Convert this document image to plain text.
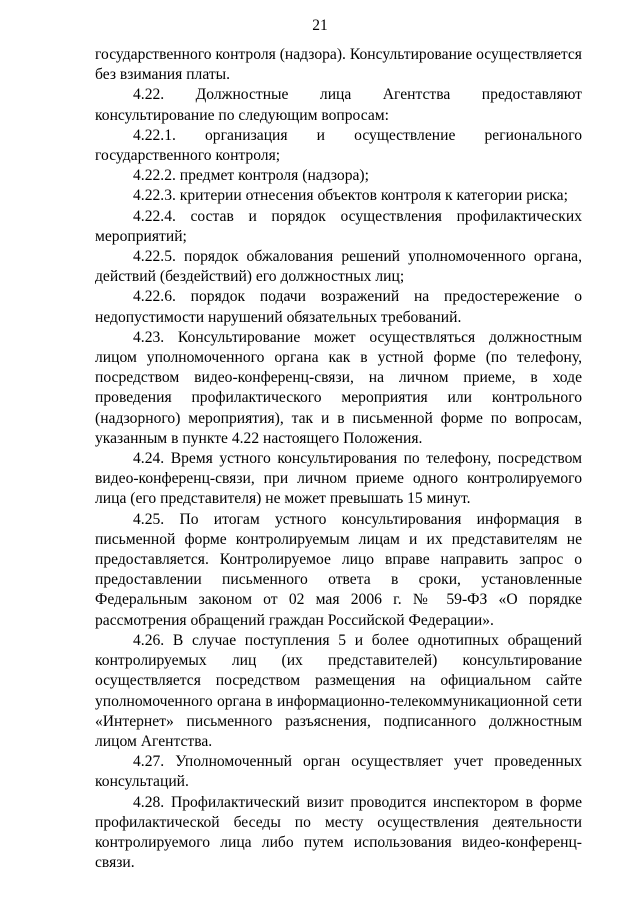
21

государственного контроля (надзора). Консультирование осуществляется без взимания платы.

4.22. Должностные лица Агентства предоставляют консультирование по следующим вопросам:

4.22.1. организация и осуществление регионального государственного контроля;

4.22.2. предмет контроля (надзора);

4.22.3. критерии отнесения объектов контроля к категории риска;

4.22.4. состав и порядок осуществления профилактических мероприятий;

4.22.5. порядок обжалования решений уполномоченного органа, действий (бездействий) его должностных лиц;

4.22.6. порядок подачи возражений на предостережение о недопустимости нарушений обязательных требований.

4.23. Консультирование может осуществляться должностным лицом уполномоченного органа как в устной форме (по телефону, посредством видео-конференц-связи, на личном приеме, в ходе проведения профилактического мероприятия или контрольного (надзорного) мероприятия), так и в письменной форме по вопросам, указанным в пункте 4.22 настоящего Положения.

4.24. Время устного консультирования по телефону, посредством видео-конференц-связи, при личном приеме одного контролируемого лица (его представителя) не может превышать 15 минут.

4.25. По итогам устного консультирования информация в письменной форме контролируемым лицам и их представителям не предоставляется. Контролируемое лицо вправе направить запрос о предоставлении письменного ответа в сроки, установленные Федеральным законом от 02 мая 2006 г. № 59-ФЗ «О порядке рассмотрения обращений граждан Российской Федерации».

4.26. В случае поступления 5 и более однотипных обращений контролируемых лиц (их представителей) консультирование осуществляется посредством размещения на официальном сайте уполномоченного органа в информационно-телекоммуникационной сети «Интернет» письменного разъяснения, подписанного должностным лицом Агентства.

4.27. Уполномоченный орган осуществляет учет проведенных консультаций.

4.28. Профилактический визит проводится инспектором в форме профилактической беседы по месту осуществления деятельности контролируемого лица либо путем использования видео-конференц-связи.
